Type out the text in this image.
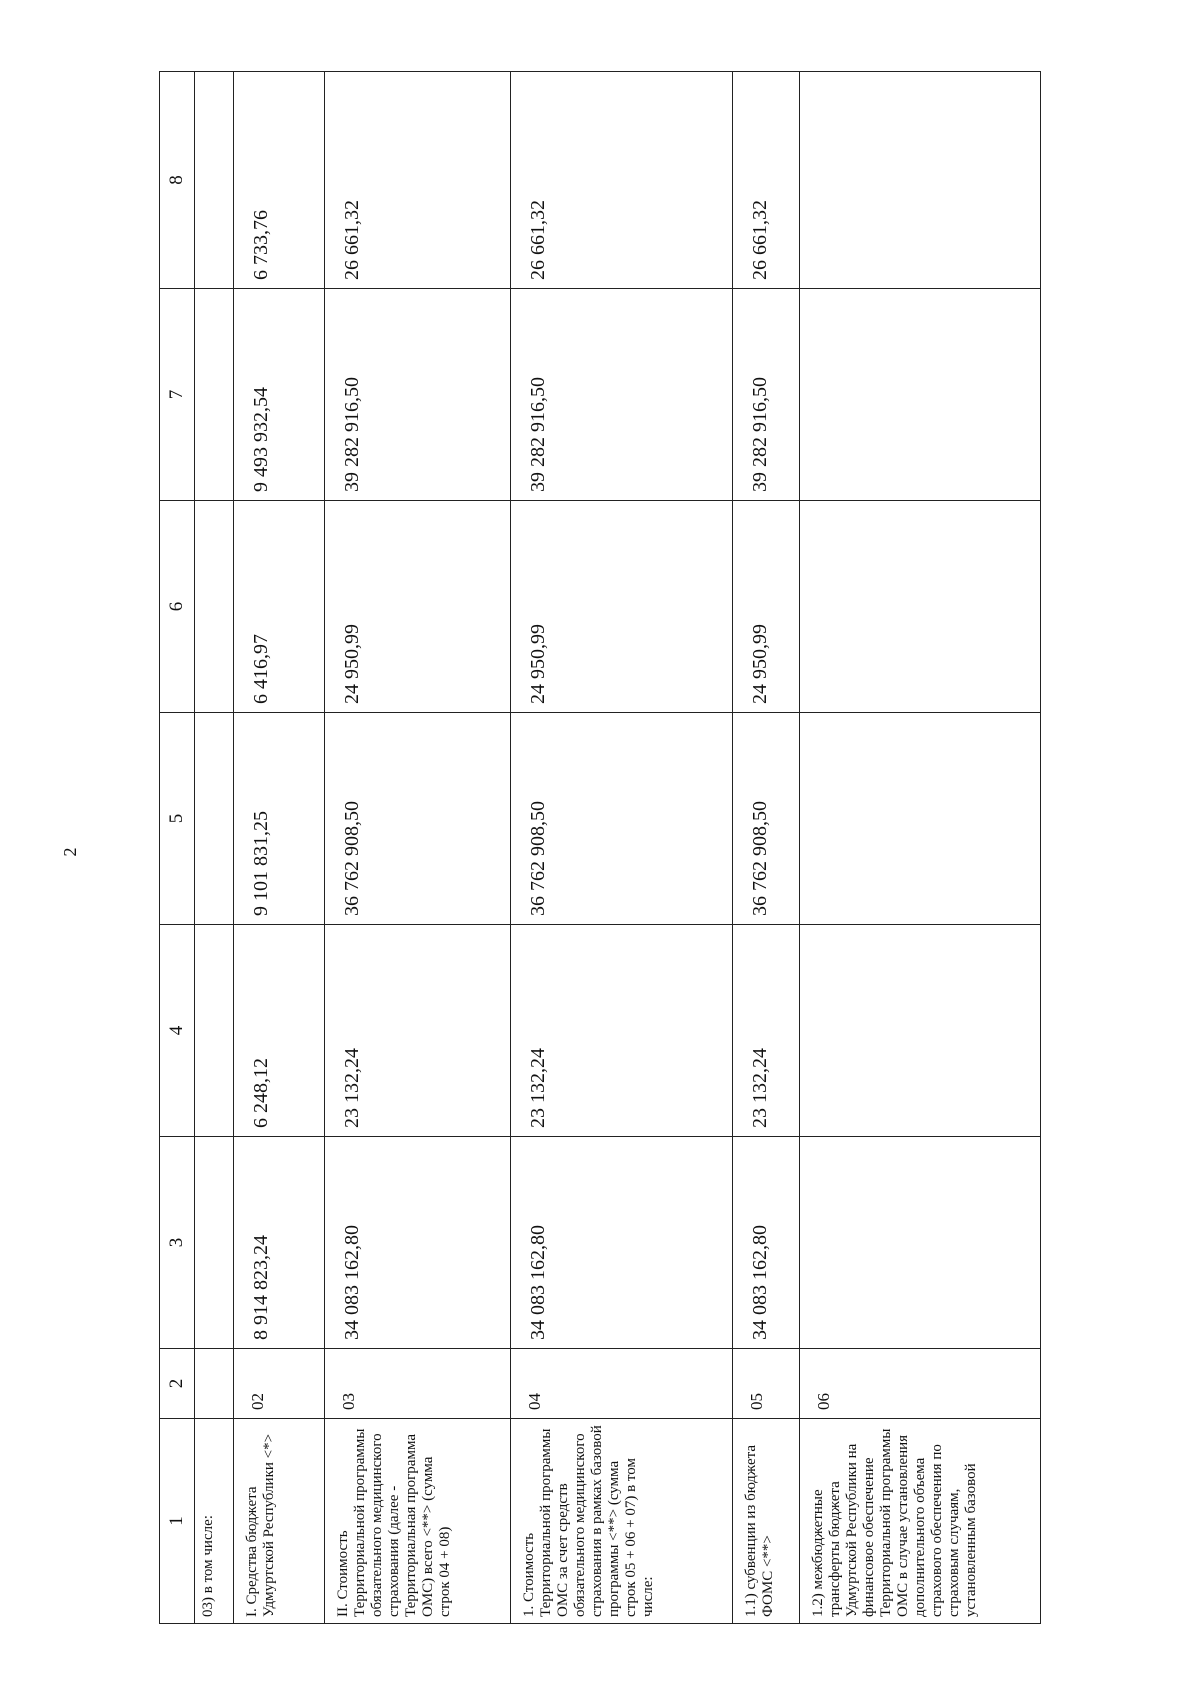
2
1	2	3	4	5	6	7	8
03) в том числе:							
I. Средства бюджета Удмуртской Республики <*>	02	8 914 823,24	6 248,12	9 101 831,25	6 416,97	9 493 932,54	6 733,76
II. Стоимость Территориальной программы обязательного медицинского страхования (далее - Территориальная программа ОМС) всего <**> (сумма строк 04 + 08)	03	34 083 162,80	23 132,24	36 762 908,50	24 950,99	39 282 916,50	26 661,32
1. Стоимость Территориальной программы ОМС за счет средств обязательного медицинского страхования в рамках базовой программы <**> (сумма строк 05 + 06 + 07) в том числе:	04	34 083 162,80	23 132,24	36 762 908,50	24 950,99	39 282 916,50	26 661,32
1.1) субвенции из бюджета ФОМС <**>	05	34 083 162,80	23 132,24	36 762 908,50	24 950,99	39 282 916,50	26 661,32
1.2) межбюджетные трансферты бюджета Удмуртской Республики на финансовое обеспечение Территориальной программы ОМС в случае установления дополнительного объема страхового обеспечения по страховым случаям, установленным базовой	06						
